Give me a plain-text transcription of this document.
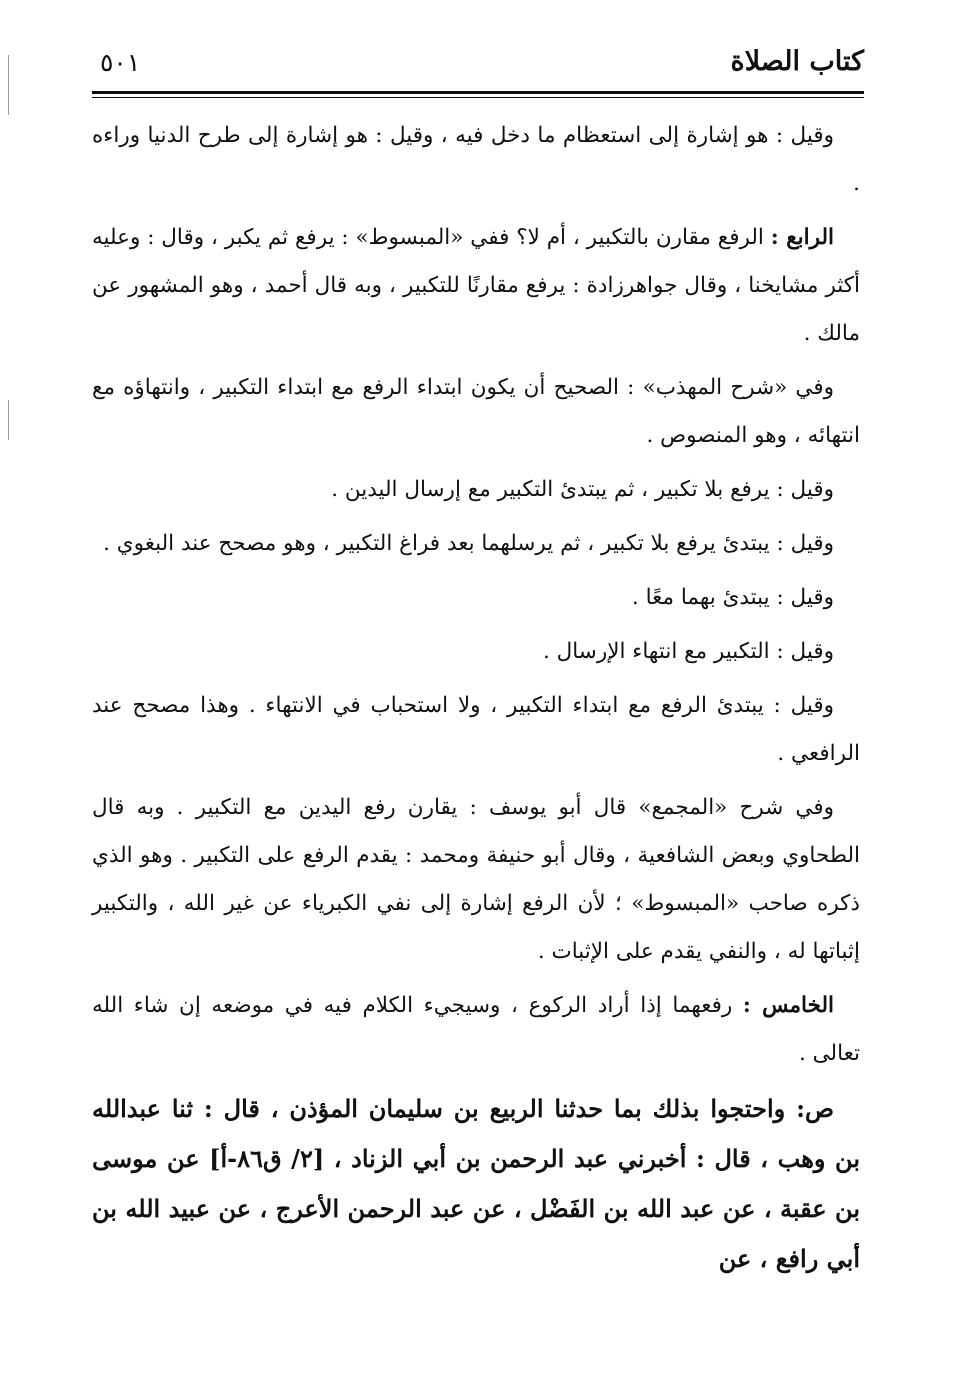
كتاب الصلاة
٥٠١

وقيل : هو إشارة إلى استعظام ما دخل فيه ، وقيل : هو إشارة إلى طرح الدنيا وراءه .

الرابع : الرفع مقارن بالتكبير ، أم لا؟ ففي «المبسوط» : يرفع ثم يكبر ، وقال : وعليه أكثر مشايخنا ، وقال جواهرزادة : يرفع مقارنًا للتكبير ، وبه قال أحمد ، وهو المشهور عن مالك .

وفي «شرح المهذب» : الصحيح أن يكون ابتداء الرفع مع ابتداء التكبير ، وانتهاؤه مع انتهائه ، وهو المنصوص .

وقيل : يرفع بلا تكبير ، ثم يبتدئ التكبير مع إرسال اليدين .

وقيل : يبتدئ يرفع بلا تكبير ، ثم يرسلهما بعد فراغ التكبير ، وهو مصحح عند البغوي .

وقيل : يبتدئ بهما معًا .

وقيل : التكبير مع انتهاء الإرسال .

وقيل : يبتدئ الرفع مع ابتداء التكبير ، ولا استحباب في الانتهاء . وهذا مصحح عند الرافعي .

وفي شرح «المجمع» قال أبو يوسف : يقارن رفع اليدين مع التكبير . وبه قال الطحاوي وبعض الشافعية ، وقال أبو حنيفة ومحمد : يقدم الرفع على التكبير . وهو الذي ذكره صاحب «المبسوط» ؛ لأن الرفع إشارة إلى نفي الكبرياء عن غير الله ، والتكبير إثباتها له ، والنفي يقدم على الإثبات .

الخامس : رفعهما إذا أراد الركوع ، وسيجيء الكلام فيه في موضعه إن شاء الله تعالى .

ص: واحتجوا بذلك بما حدثنا الربيع بن سليمان المؤذن ، قال : ثنا عبدالله بن وهب ، قال : أخبرني عبد الرحمن بن أبي الزناد ، [٢/ ق٨٦-أ] عن موسى بن عقبة ، عن عبد الله بن الفَضْل ، عن عبد الرحمن الأعرج ، عن عبيد الله بن أبي رافع ، عن
